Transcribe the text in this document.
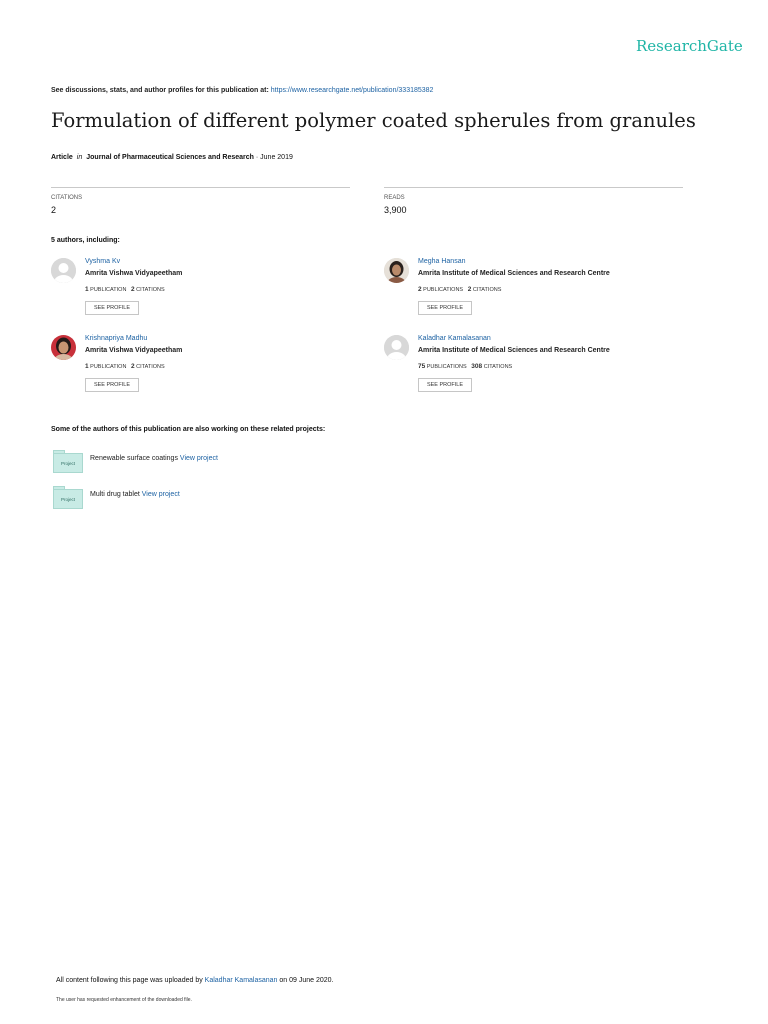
ResearchGate
See discussions, stats, and author profiles for this publication at: https://www.researchgate.net/publication/333185382
Formulation of different polymer coated spherules from granules
Article in Journal of Pharmaceutical Sciences and Research · June 2019
CITATIONS
2
READS
3,900
5 authors, including:
Vyshma Kv
Amrita Vishwa Vidyapeetham
1 PUBLICATION 2 CITATIONS
SEE PROFILE
Megha Hansan
Amrita Institute of Medical Sciences and Research Centre
2 PUBLICATIONS 2 CITATIONS
SEE PROFILE
Krishnapriya Madhu
Amrita Vishwa Vidyapeetham
1 PUBLICATION 2 CITATIONS
SEE PROFILE
Kaladhar Kamalasanan
Amrita Institute of Medical Sciences and Research Centre
75 PUBLICATIONS 308 CITATIONS
SEE PROFILE
Some of the authors of this publication are also working on these related projects:
Project
Renewable surface coatings View project
Project
Multi drug tablet View project
All content following this page was uploaded by Kaladhar Kamalasanan on 09 June 2020.
The user has requested enhancement of the downloaded file.
